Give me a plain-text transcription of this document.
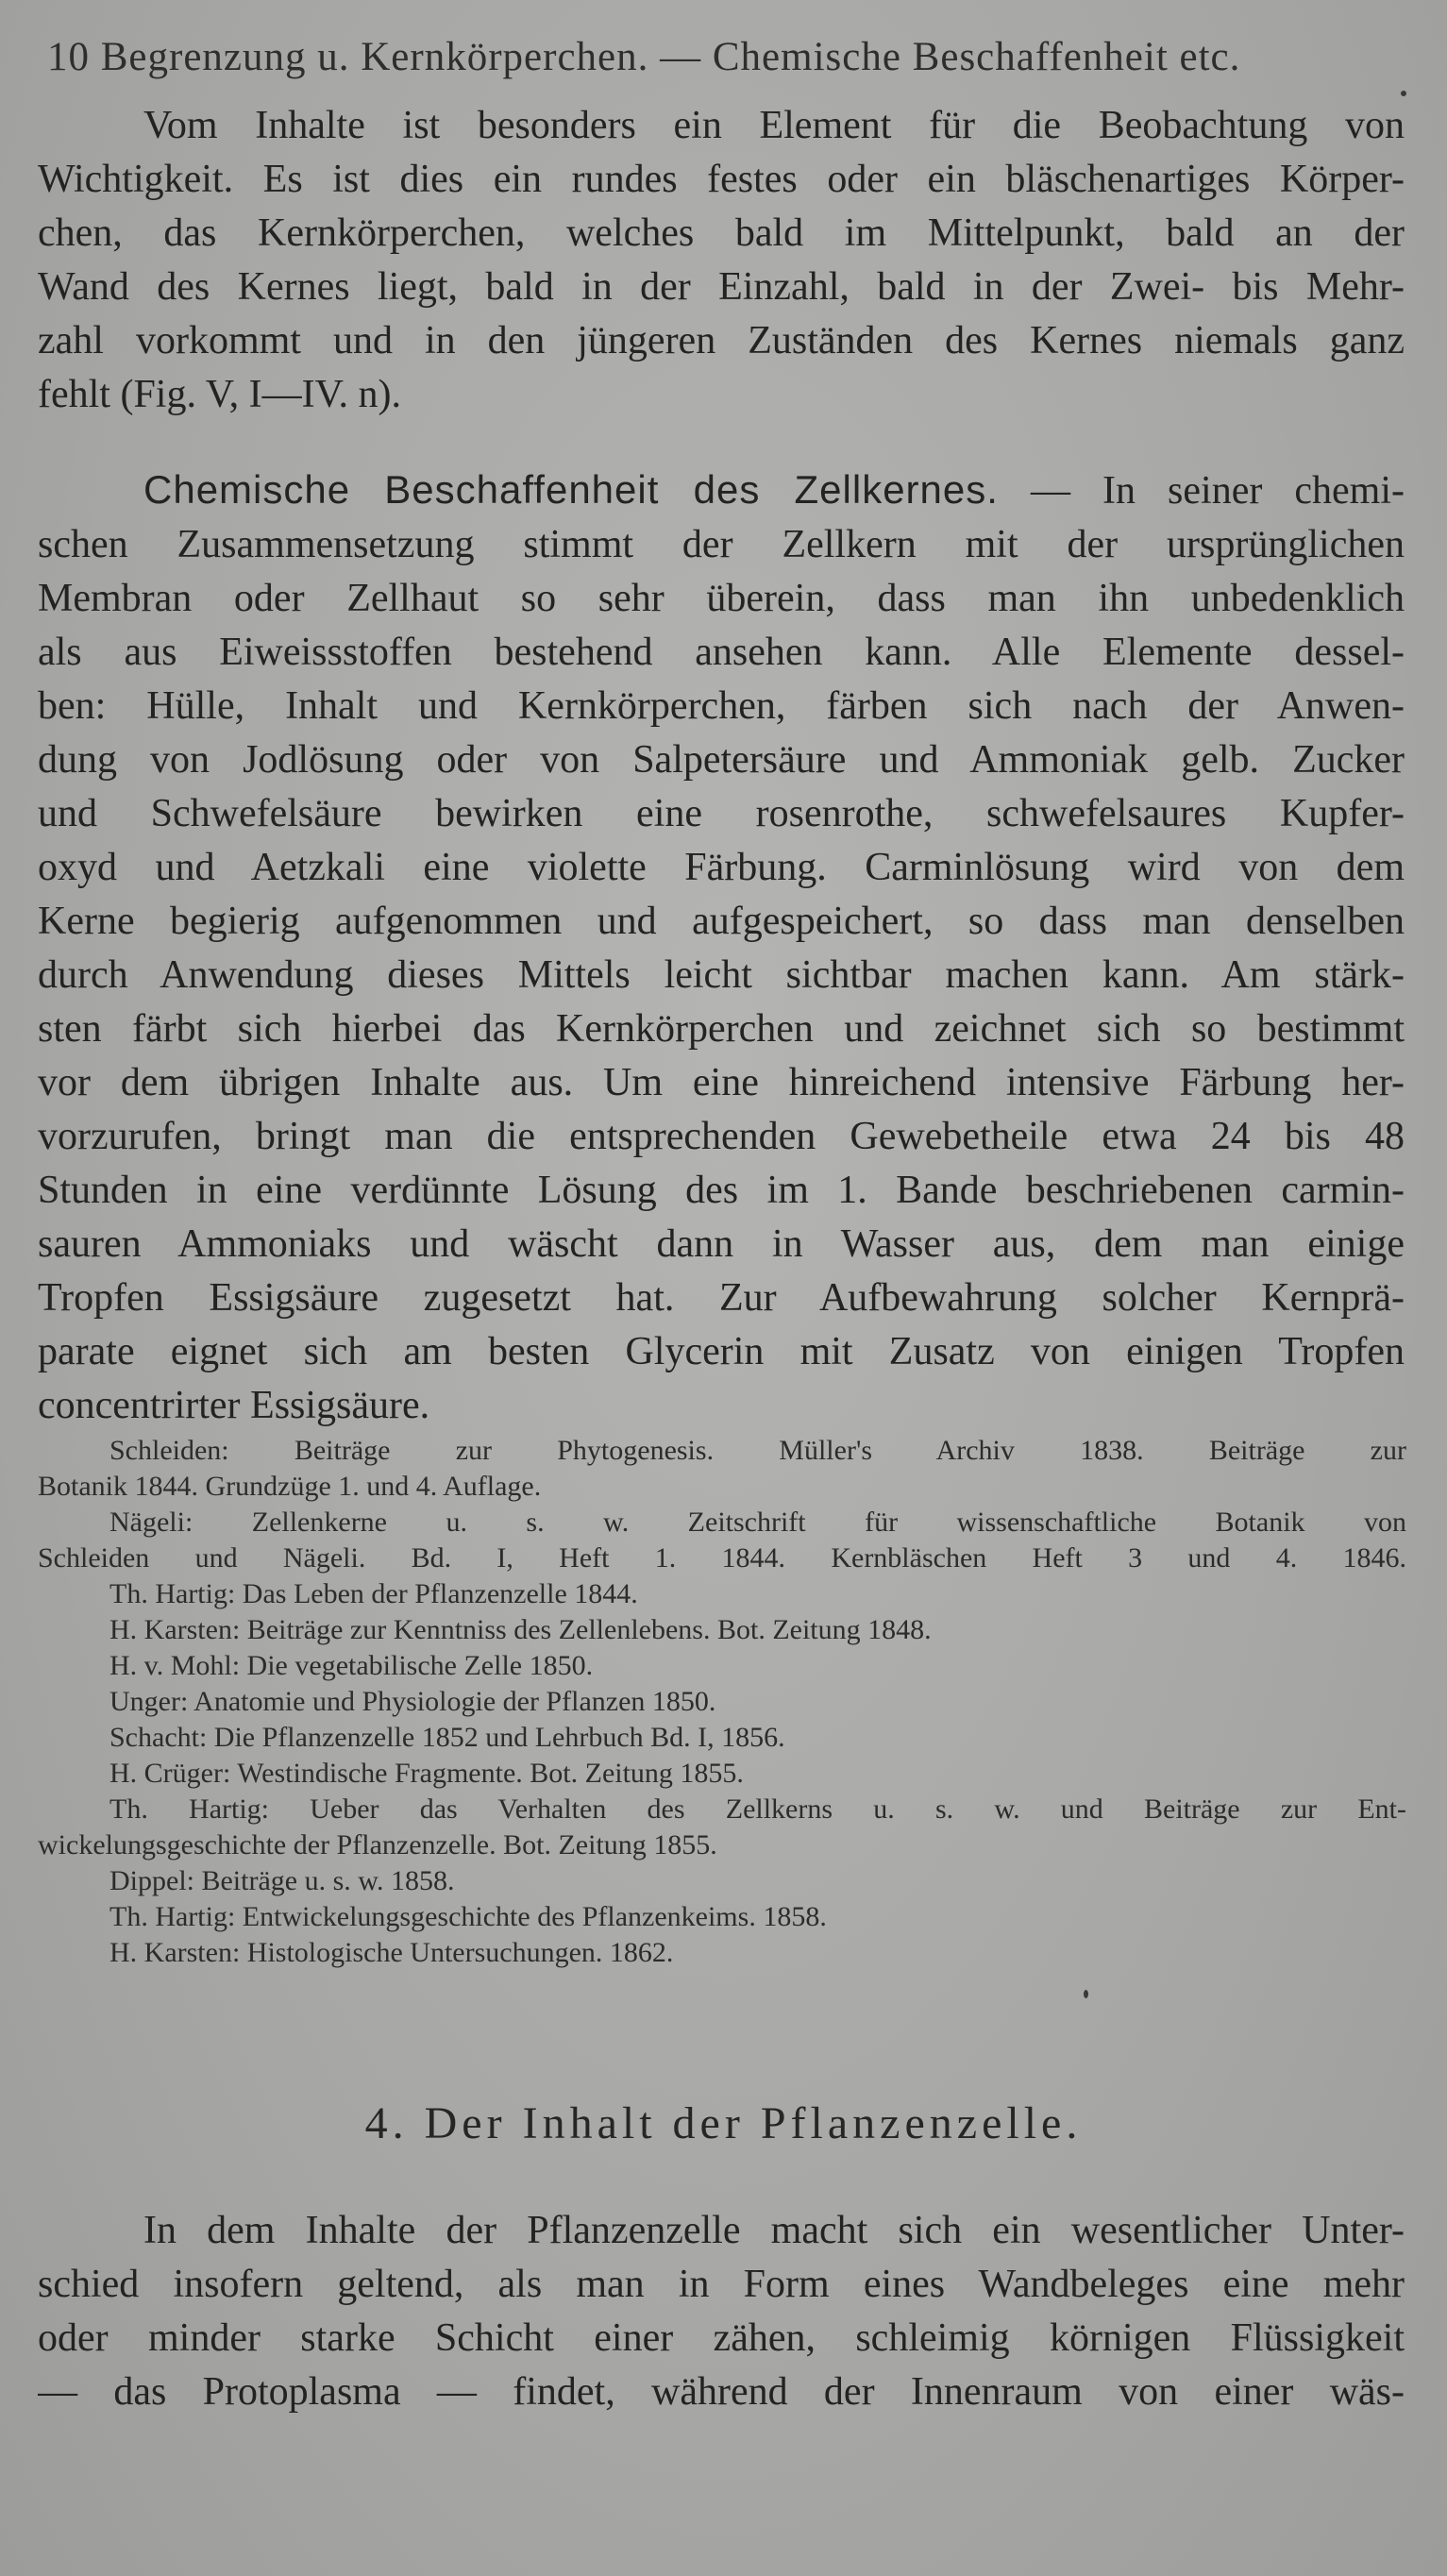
10 Begrenzung u. Kernkörperchen. — Chemische Beschaffenheit etc.
Vom Inhalte ist besonders ein Element für die Beobachtung von
Wichtigkeit. Es ist dies ein rundes festes oder ein bläschenartiges Körper-
chen, das Kernkörperchen, welches bald im Mittelpunkt, bald an der
Wand des Kernes liegt, bald in der Einzahl, bald in der Zwei- bis Mehr-
zahl vorkommt und in den jüngeren Zuständen des Kernes niemals ganz
fehlt (Fig. V, I—IV. n).
Chemische Beschaffenheit des Zellkernes. — In seiner chemi-
schen Zusammensetzung stimmt der Zellkern mit der ursprünglichen
Membran oder Zellhaut so sehr überein, dass man ihn unbedenklich
als aus Eiweissstoffen bestehend ansehen kann. Alle Elemente dessel-
ben: Hülle, Inhalt und Kernkörperchen, färben sich nach der Anwen-
dung von Jodlösung oder von Salpetersäure und Ammoniak gelb. Zucker
und Schwefelsäure bewirken eine rosenrothe, schwefelsaures Kupfer-
oxyd und Aetzkali eine violette Färbung. Carminlösung wird von dem
Kerne begierig aufgenommen und aufgespeichert, so dass man denselben
durch Anwendung dieses Mittels leicht sichtbar machen kann. Am stärk-
sten färbt sich hierbei das Kernkörperchen und zeichnet sich so bestimmt
vor dem übrigen Inhalte aus. Um eine hinreichend intensive Färbung her-
vorzurufen, bringt man die entsprechenden Gewebetheile etwa 24 bis 48
Stunden in eine verdünnte Lösung des im 1. Bande beschriebenen carmin-
sauren Ammoniaks und wäscht dann in Wasser aus, dem man einige
Tropfen Essigsäure zugesetzt hat. Zur Aufbewahrung solcher Kernprä-
parate eignet sich am besten Glycerin mit Zusatz von einigen Tropfen
concentrirter Essigsäure.
Schleiden: Beiträge zur Phytogenesis. Müller's Archiv 1838. Beiträge zur
Botanik 1844. Grundzüge 1. und 4. Auflage.
Nägeli: Zellenkerne u. s. w. Zeitschrift für wissenschaftliche Botanik von
Schleiden und Nägeli. Bd. I, Heft 1. 1844. Kernbläschen Heft 3 und 4. 1846.
Th. Hartig: Das Leben der Pflanzenzelle 1844.
H. Karsten: Beiträge zur Kenntniss des Zellenlebens. Bot. Zeitung 1848.
H. v. Mohl: Die vegetabilische Zelle 1850.
Unger: Anatomie und Physiologie der Pflanzen 1850.
Schacht: Die Pflanzenzelle 1852 und Lehrbuch Bd. I, 1856.
H. Crüger: Westindische Fragmente. Bot. Zeitung 1855.
Th. Hartig: Ueber das Verhalten des Zellkerns u. s. w. und Beiträge zur Ent-
wickelungsgeschichte der Pflanzenzelle. Bot. Zeitung 1855.
Dippel: Beiträge u. s. w. 1858.
Th. Hartig: Entwickelungsgeschichte des Pflanzenkeims. 1858.
H. Karsten: Histologische Untersuchungen. 1862.
4. Der Inhalt der Pflanzenzelle.
In dem Inhalte der Pflanzenzelle macht sich ein wesentlicher Unter-
schied insofern geltend, als man in Form eines Wandbeleges eine mehr
oder minder starke Schicht einer zähen, schleimig körnigen Flüssigkeit
— das Protoplasma — findet, während der Innenraum von einer wäs-
